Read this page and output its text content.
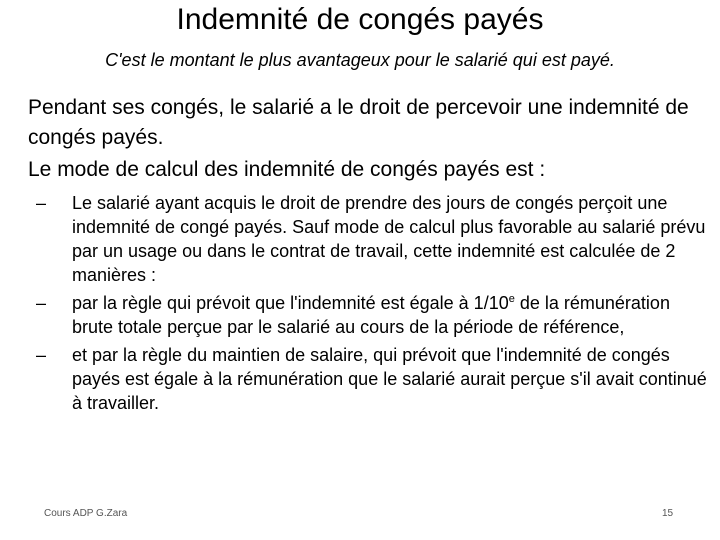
Indemnité de congés payés
C'est le montant le plus avantageux pour le salarié qui est payé.

Pendant ses congés, le salarié a le droit de percevoir une indemnité de congés payés.

Le mode de calcul des indemnité de congés payés est :

–	Le salarié ayant acquis le droit de prendre des jours de congés perçoit une indemnité de congé payés. Sauf mode de calcul plus favorable au salarié prévu par un usage ou dans le contrat de travail, cette indemnité est calculée de 2 manières :
–	par la règle qui prévoit que l'indemnité est égale à 1/10e de la rémunération brute totale perçue par le salarié au cours de la période de référence,
–	et par la règle du maintien de salaire, qui prévoit que l'indemnité de congés payés est égale à la rémunération que le salarié aurait perçue s'il avait continué à travailler.
Cours ADP G.Zara	15
